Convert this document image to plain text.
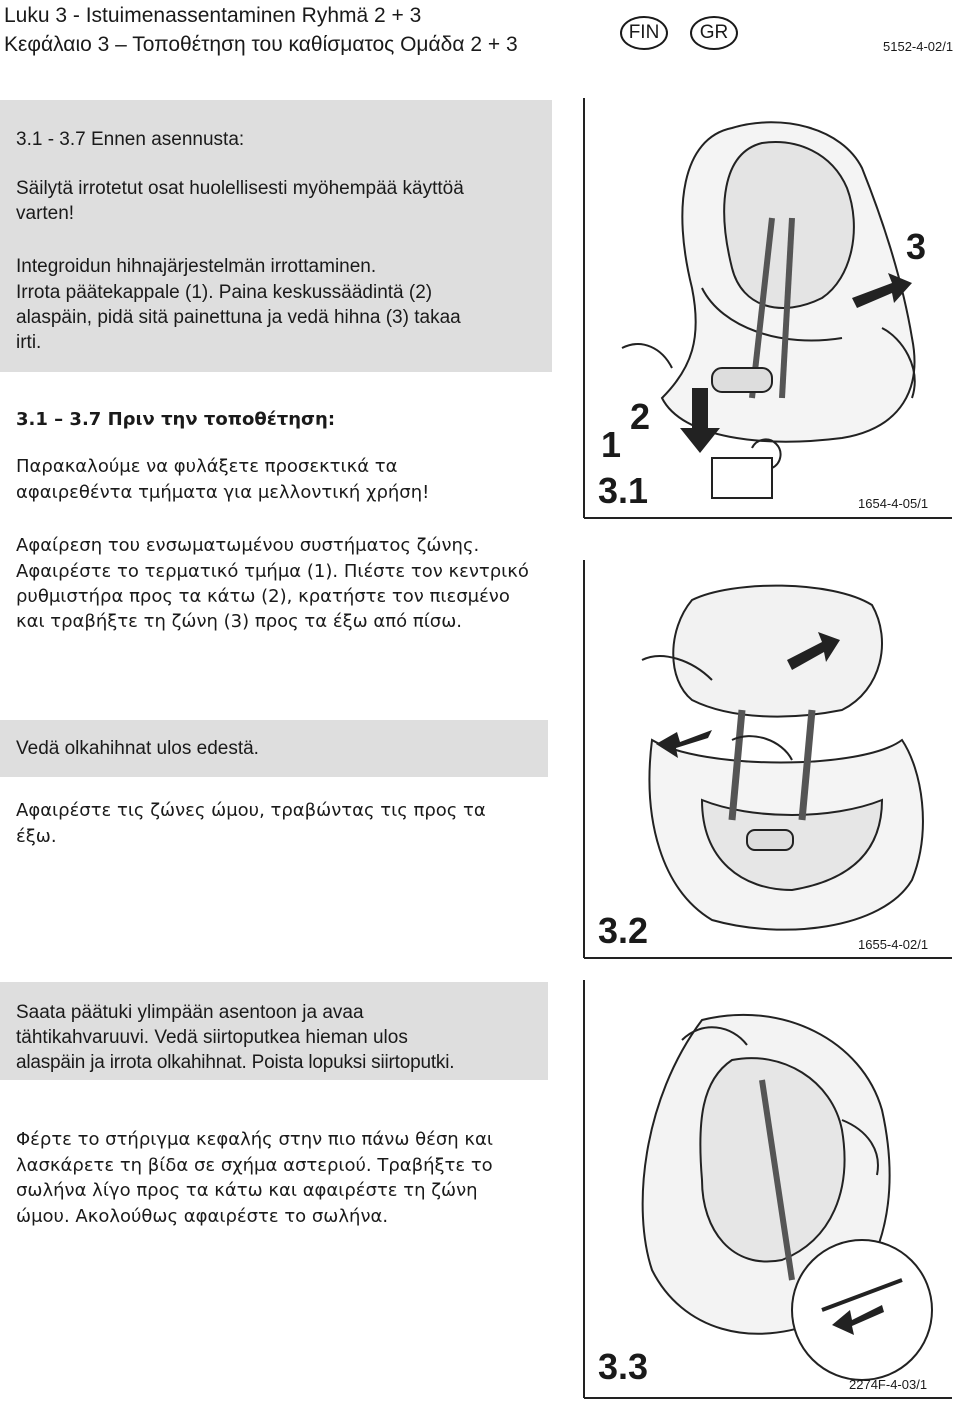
Luku 3 - Istuimenassentaminen Ryhmä 2 + 3
Κεφάλαιο 3 – Τοποθέτηση του καθίσματος Ομάδα 2 + 3
FIN	GR
5152-4-02/1
3.1 - 3.7 Ennen asennusta:
Säilytä irrotetut osat huolellisesti myöhempää käyttöä
varten!
Integroidun hihnajärjestelmän irrottaminen.
Irrota päätekappale (1). Paina keskussäädintä (2)
alaspäin, pidä sitä painettuna ja vedä hihna (3) takaa
irti.
3.1 – 3.7 Πριν την τοποθέτηση:
Παρακαλούμε να φυλάξετε προσεκτικά τα
αφαιρεθέντα τμήματα για μελλοντική χρήση!
Αφαίρεση του ενσωματωμένου συστήματος ζώνης.
Αφαιρέστε το τερματικό τμήμα (1). Πιέστε τον κεντρικό
ρυθμιστήρα προς τα κάτω (2), κρατήστε τον πιεσμένο
και τραβήξτε τη ζώνη (3) προς τα έξω από πίσω.
Vedä olkahihnat ulos edestä.
Αφαιρέστε τις ζώνες ώμου, τραβώντας τις προς τα
έξω.
Saata päätuki ylimpään asentoon ja avaa
tähtikahvaruuvi. Vedä siirtoputkea hieman ulos
alaspäin ja irrota olkahihnat. Poista lopuksi siirtoputki.
Φέρτε το στήριγμα κεφαλής στην πιο πάνω θέση και
λασκάρετε τη βίδα σε σχήμα αστεριού. Τραβήξτε το
σωλήνα λίγο προς τα κάτω και αφαιρέστε τη ζώνη
ώμου. Ακολούθως αφαιρέστε το σωλήνα.
2
1
3
3.1	1654-4-05/1
3.2	1655-4-02/1
3.3	2274F-4-03/1
